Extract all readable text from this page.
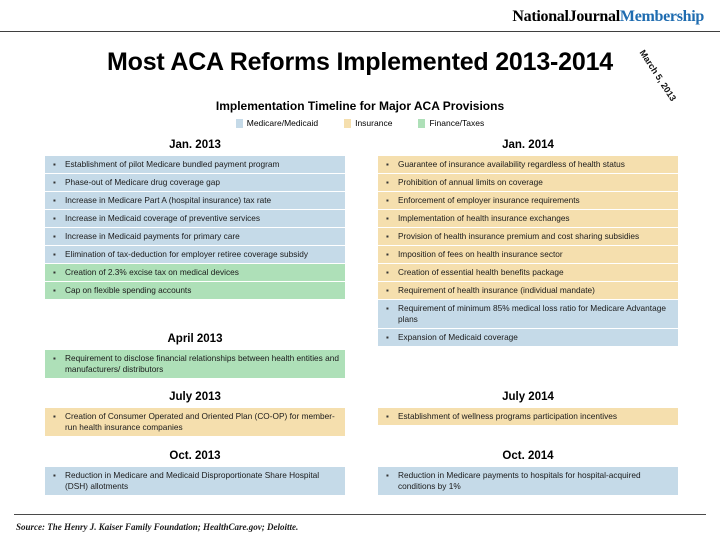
NationalJournalMembership
March 5, 2013
Most ACA Reforms Implemented 2013-2014
Implementation Timeline for Major ACA Provisions
Medicare/Medicaid	Insurance	Finance/Taxes
Jan. 2013
▪	Establishment of pilot Medicare bundled payment program
▪	Phase-out of Medicare drug coverage gap
▪	Increase in Medicare Part A (hospital insurance) tax rate
▪	Increase in Medicaid coverage of preventive services
▪	Increase in Medicaid payments for primary care
▪	Elimination of tax-deduction for employer retiree coverage subsidy
▪	Creation of 2.3% excise tax on medical devices
▪	Cap on flexible spending accounts
April 2013
▪	Requirement to disclose financial relationships between health entities and manufacturers/ distributors
July 2013
▪	Creation of Consumer Operated and Oriented Plan (CO-OP) for member-run health insurance companies
Oct. 2013
▪	Reduction in Medicare and Medicaid Disproportionate Share Hospital (DSH) allotments
Jan. 2014
▪	Guarantee of insurance availability regardless of health status
▪	Prohibition of annual limits on coverage
▪	Enforcement of employer insurance requirements
▪	Implementation of health insurance exchanges
▪	Provision of health insurance premium and cost sharing subsidies
▪	Imposition of fees on health insurance sector
▪	Creation of essential health benefits package
▪	Requirement of health insurance (individual mandate)
▪	Requirement of minimum 85% medical loss ratio for Medicare Advantage plans
▪	Expansion of Medicaid coverage
July 2014
▪	Establishment of wellness programs participation incentives
Oct. 2014
▪	Reduction in Medicare payments to hospitals for hospital-acquired conditions by 1%
Source: The Henry J. Kaiser Family Foundation; HealthCare.gov; Deloitte.
